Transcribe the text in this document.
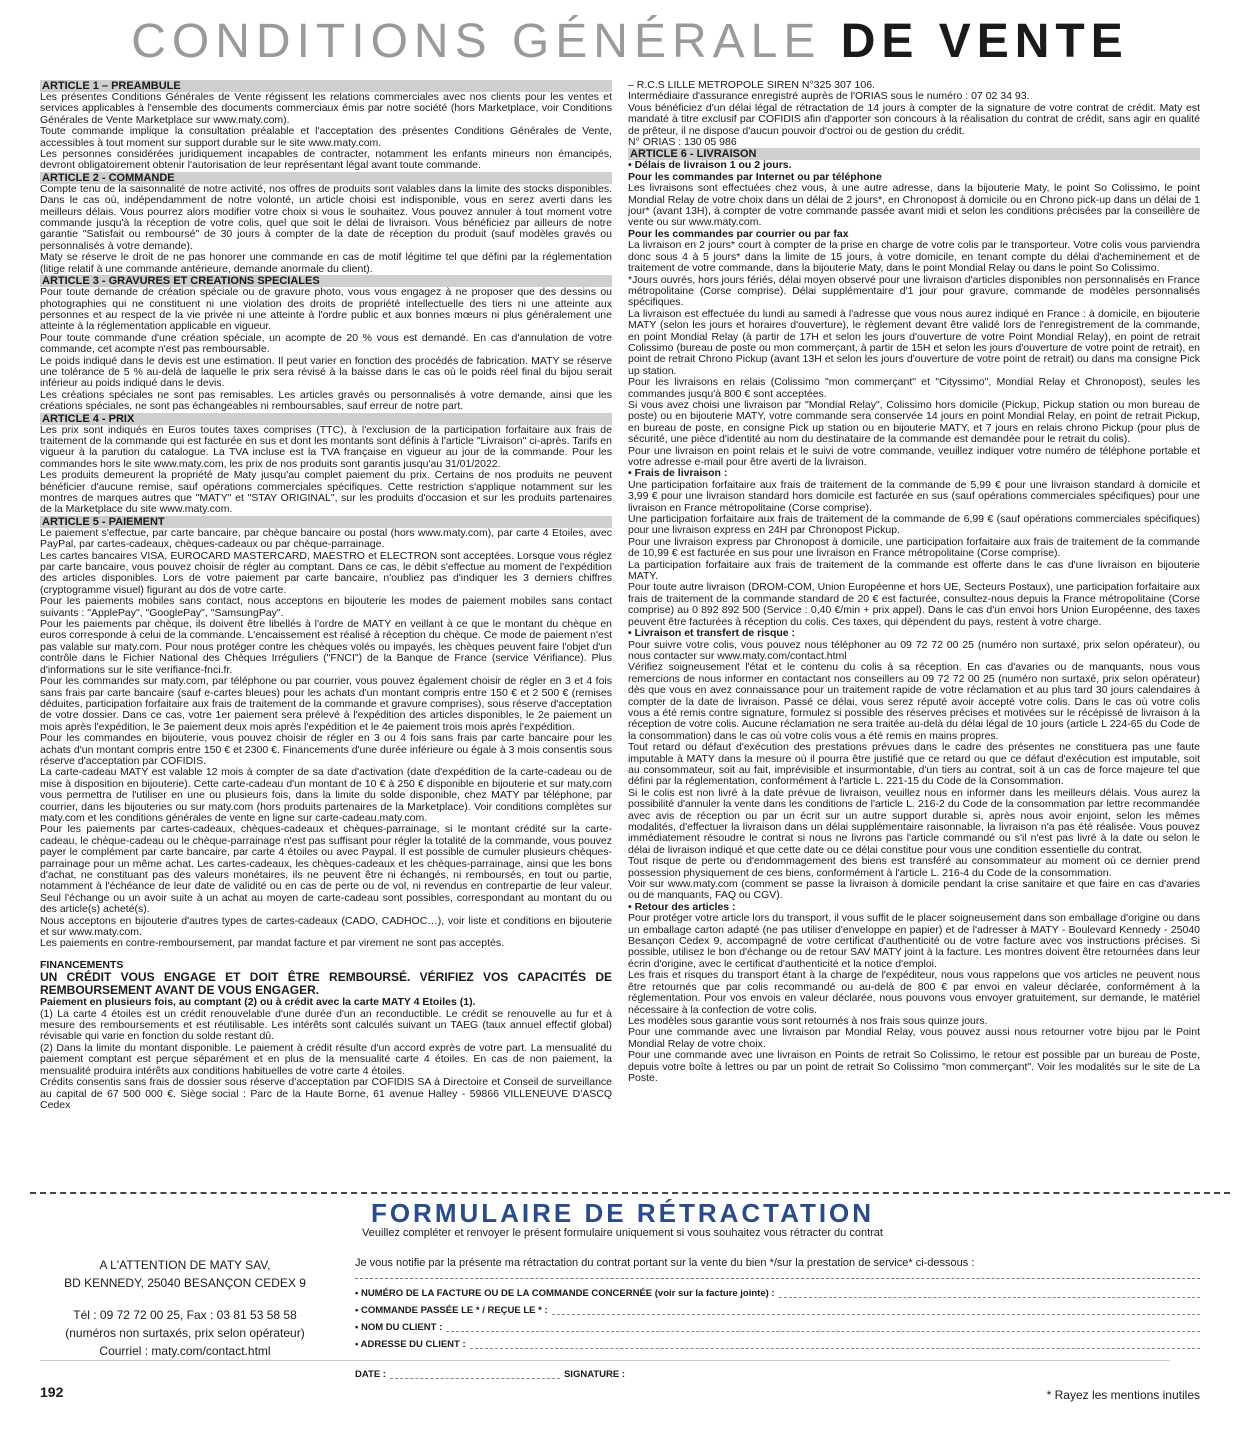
CONDITIONS GÉNÉRALE DE VENTE
ARTICLE 1 – PREAMBULE

Les présentes Conditions Générales de Vente régissent les relations commerciales avec nos clients pour les ventes et services applicables à l'ensemble des documents commerciaux émis par notre société (hors Marketplace, voir Conditions Générales de Vente Marketplace sur www.maty.com).

Toute commande implique la consultation préalable et l'acceptation des présentes Conditions Générales de Vente, accessibles à tout moment sur support durable sur le site www.maty.com.

Les personnes considérées juridiquement incapables de contracter, notamment les enfants mineurs non émancipés, devront obligatoirement obtenir l'autorisation de leur représentant légal avant toute commande.

ARTICLE 2 - COMMANDE

Compte tenu de la saisonnalité de notre activité, nos offres de produits sont valables dans la limite des stocks disponibles. Dans le cas où, indépendamment de notre volonté, un article choisi est indisponible, vous en serez averti dans les meilleurs délais. Vous pourrez alors modifier votre choix si vous le souhaitez. Vous pouvez annuler à tout moment votre commande jusqu'à la réception de votre colis, quel que soit le délai de livraison. Vous bénéficiez par ailleurs de notre garantie "Satisfait ou remboursé" de 30 jours à compter de la date de réception du produit (sauf modèles gravés ou personnalisés à votre demande).

Maty se réserve le droit de ne pas honorer une commande en cas de motif légitime tel que défini par la réglementation (litige relatif à une commande antérieure, demande anormale du client).

ARTICLE 3 - GRAVURES ET CREATIONS SPECIALES

Pour toute demande de création spéciale ou de gravure photo, vous vous engagez à ne proposer que des dessins ou photographies qui ne constituent ni une violation des droits de propriété intellectuelle des tiers ni une atteinte aux personnes et au respect de la vie privée ni une atteinte à l'ordre public et aux bonnes mœurs ni plus généralement une atteinte à la réglementation applicable en vigueur.

Pour toute commande d'une création spéciale, un acompte de 20 % vous est demandé. En cas d'annulation de votre commande, cet acompte n'est pas remboursable.

Le poids indiqué dans le devis est une estimation. Il peut varier en fonction des procédés de fabrication. MATY se réserve une tolérance de 5 % au-delà de laquelle le prix sera révisé à la baisse dans le cas où le poids réel final du bijou serait inférieur au poids indiqué dans le devis.

Les créations spéciales ne sont pas remisables. Les articles gravés ou personnalisés à votre demande, ainsi que les créations spéciales, ne sont pas échangeables ni remboursables, sauf erreur de notre part.

ARTICLE 4 - PRIX

Les prix sont indiqués en Euros toutes taxes comprises (TTC), à l'exclusion de la participation forfaitaire aux frais de traitement de la commande qui est facturée en sus et dont les montants sont définis à l'article "Livraison" ci-après. Tarifs en vigueur à la parution du catalogue. La TVA incluse est la TVA française en vigueur au jour de la commande. Pour les commandes hors le site www.maty.com, les prix de nos produits sont garantis jusqu'au 31/01/2022.

Les produits demeurent la propriété de Maty jusqu'au complet paiement du prix. Certains de nos produits ne peuvent bénéficier d'aucune remise, sauf opérations commerciales spécifiques. Cette restriction s'applique notamment sur les montres de marques autres que "MATY" et "STAY ORIGINAL", sur les produits d'occasion et sur les produits partenaires de la Marketplace du site www.maty.com.

ARTICLE 5 - PAIEMENT

Le paiement s'effectue, par carte bancaire, par chèque bancaire ou postal (hors www.maty.com), par carte 4 Etoiles, avec PayPal, par cartes-cadeaux, chèques-cadeaux ou par chèque-parrainage.

Les cartes bancaires VISA, EUROCARD MASTERCARD, MAESTRO et ELECTRON sont acceptées. Lorsque vous réglez par carte bancaire, vous pouvez choisir de régler au comptant. Dans ce cas, le débit s'effectue au moment de l'expédition des articles disponibles. Lors de votre paiement par carte bancaire, n'oubliez pas d'indiquer les 3 derniers chiffres (cryptogramme visuel) figurant au dos de votre carte.

Pour les paiements mobiles sans contact, nous acceptons en bijouterie les modes de paiement mobiles sans contact suivants : "ApplePay", "GooglePay", "SamsungPay".

Pour les paiements par chèque, ils doivent être libellés à l'ordre de MATY en veillant à ce que le montant du chèque en euros corresponde à celui de la commande. L'encaissement est réalisé à réception du chèque. Ce mode de paiement n'est pas valable sur maty.com. Pour nous protéger contre les chèques volés ou impayés, les chèques peuvent faire l'objet d'un contrôle dans le Fichier National des Chèques Irréguliers ("FNCI") de la Banque de France (service Vérifiance). Plus d'informations sur le site verifiance-fnci.fr.

Pour les commandes sur maty.com, par téléphone ou par courrier, vous pouvez également choisir de régler en 3 et 4 fois sans frais par carte bancaire (sauf e-cartes bleues) pour les achats d'un montant compris entre 150 € et 2 500 € (remises déduites, participation forfaitaire aux frais de traitement de la commande et gravure comprises), sous réserve d'acceptation de votre dossier. Dans ce cas, votre 1er paiement sera prélevé à l'expédition des articles disponibles, le 2e paiement un mois après l'expédition, le 3e paiement deux mois après l'expédition et le 4e paiement trois mois après l'expédition.

Pour les commandes en bijouterie, vous pouvez choisir de régler en 3 ou 4 fois sans frais par carte bancaire pour les achats d'un montant compris entre 150 € et 2300 €. Financements d'une durée inférieure ou égale à 3 mois consentis sous réserve d'acceptation par COFIDIS.

La carte-cadeau MATY est valable 12 mois à compter de sa date d'activation (date d'expédition de la carte-cadeau ou de mise à disposition en bijouterie). Cette carte-cadeau d'un montant de 10 € à 250 € disponible en bijouterie et sur maty.com vous permettra de l'utiliser en une ou plusieurs fois, dans la limite du solde disponible, chez MATY par téléphone, par courrier, dans les bijouteries ou sur maty.com (hors produits partenaires de la Marketplace). Voir conditions complètes sur maty.com et les conditions générales de vente en ligne sur carte-cadeau.maty.com.

Pour les paiements par cartes-cadeaux, chèques-cadeaux et chèques-parrainage, si le montant crédité sur la carte-cadeau, le chèque-cadeau ou le chèque-parrainage n'est pas suffisant pour régler la totalité de la commande, vous pouvez payer le complément par carte bancaire, par carte 4 étoiles ou avec Paypal. Il est possible de cumuler plusieurs chèques-parrainage pour un même achat. Les cartes-cadeaux, les chèques-cadeaux et les chèques-parrainage, ainsi que les bons d'achat, ne constituant pas des valeurs monétaires, ils ne peuvent être ni échangés, ni remboursés, en tout ou partie, notamment à l'échéance de leur date de validité ou en cas de perte ou de vol, ni revendus en contrepartie de leur valeur. Seul l'échange ou un avoir suite à un achat au moyen de carte-cadeau sont possibles, correspondant au montant du ou des article(s) acheté(s).

Nous acceptons en bijouterie d'autres types de cartes-cadeaux (CADO, CADHOC…), voir liste et conditions en bijouterie et sur www.maty.com.

Les paiements en contre-remboursement, par mandat facture et par virement ne sont pas acceptés.

FINANCEMENTS
UN CRÉDIT VOUS ENGAGE ET DOIT ÊTRE REMBOURSÉ. VÉRIFIEZ VOS CAPACITÉS DE REMBOURSEMENT AVANT DE VOUS ENGAGER.

Paiement en plusieurs fois, au comptant (2) ou à crédit avec la carte MATY 4 Etoiles (1).

(1) La carte 4 étoiles est un crédit renouvelable d'une durée d'un an reconductible. Le crédit se renouvelle au fur et à mesure des remboursements et est réutilisable. Les intérêts sont calculés suivant un TAEG (taux annuel effectif global) révisable qui varie en fonction du solde restant dû.

(2) Dans la limite du montant disponible. Le paiement à crédit résulte d'un accord exprès de votre part. La mensualité du paiement comptant est perçue séparément et en plus de la mensualité carte 4 étoiles. En cas de non paiement, la mensualité produira intérêts aux conditions habituelles de votre carte 4 étoiles.

Crédits consentis sans frais de dossier sous réserve d'acceptation par COFIDIS SA à Directoire et Conseil de surveillance au capital de 67 500 000 €. Siège social : Parc de la Haute Borne, 61 avenue Halley - 59866 VILLENEUVE D'ASCQ Cedex

– R.C.S LILLE METROPOLE SIREN N°325 307 106.

Intermédiaire d'assurance enregistré auprès de l'ORIAS sous le numéro : 07 02 34 93.

Vous bénéficiez d'un délai légal de rétractation de 14 jours à compter de la signature de votre contrat de crédit. Maty est mandaté à titre exclusif par COFIDIS afin d'apporter son concours à la réalisation du contrat de crédit, sans agir en qualité de prêteur, il ne dispose d'aucun pouvoir d'octroi ou de gestion du crédit.

N° ORIAS : 130 05 986

ARTICLE 6 - LIVRAISON

• Délais de livraison 1 ou 2 jours.

Pour les commandes par Internet ou par téléphone

Les livraisons sont effectuées chez vous, à une autre adresse, dans la bijouterie Maty, le point So Colissimo, le point Mondial Relay de votre choix dans un délai de 2 jours*, en Chronopost à domicile ou en Chrono pick-up dans un délai de 1 jour* (avant 13H), à compter de votre commande passée avant midi et selon les conditions précisées par la conseillère de vente ou sur www.maty.com.

Pour les commandes par courrier ou par fax

La livraison en 2 jours* court à compter de la prise en charge de votre colis par le transporteur. Votre colis vous parviendra donc sous 4 à 5 jours* dans la limite de 15 jours, à votre domicile, en tenant compte du délai d'acheminement et de traitement de votre commande, dans la bijouterie Maty, dans le point Mondial Relay ou dans le point So Colissimo.

*Jours ouvrés, hors jours fériés, délai moyen observé pour une livraison d'articles disponibles non personnalisés en France métropolitaine (Corse comprise). Délai supplémentaire d'1 jour pour gravure, commande de modèles personnalisés spécifiques.

La livraison est effectuée du lundi au samedi à l'adresse que vous nous aurez indiqué en France : à domicile, en bijouterie MATY (selon les jours et horaires d'ouverture), le règlement devant être validé lors de l'enregistrement de la commande, en point Mondial Relay (à partir de 17H et selon les jours d'ouverture de votre Point Mondial Relay), en point de retrait Colissimo (bureau de poste ou mon commerçant, à partir de 15H et selon les jours d'ouverture de votre point de retrait), en point de retrait Chrono Pickup (avant 13H et selon les jours d'ouverture de votre point de retrait) ou dans ma consigne Pick up station.

Pour les livraisons en relais (Colissimo "mon commerçant" et "Cityssimo", Mondial Relay et Chronopost), seules les commandes jusqu'à 800 € sont acceptées.

Si vous avez choisi une livraison par "Mondial Relay", Colissimo hors domicile (Pickup, Pickup station ou mon bureau de poste) ou en bijouterie MATY, votre commande sera conservée 14 jours en point Mondial Relay, en point de retrait Pickup, en bureau de poste, en consigne Pick up station ou en bijouterie MATY, et 7 jours en relais chrono Pickup (pour plus de sécurité, une pièce d'identité au nom du destinataire de la commande est demandée pour le retrait du colis).

Pour une livraison en point relais et le suivi de votre commande, veuillez indiquer votre numéro de téléphone portable et votre adresse e-mail pour être averti de la livraison.

• Frais de livraison :

Une participation forfaitaire aux frais de traitement de la commande de 5,99 € pour une livraison standard à domicile et 3,99 € pour une livraison standard hors domicile est facturée en sus (sauf opérations commerciales spécifiques) pour une livraison en France métropolitaine (Corse comprise).

Une participation forfaitaire aux frais de traitement de la commande de 6,99 € (sauf opérations commerciales spécifiques) pour une livraison express en 24H par Chronopost Pickup.

Pour une livraison express par Chronopost à domicile, une participation forfaitaire aux frais de traitement de la commande de 10,99 € est facturée en sus pour une livraison en France métropolitaine (Corse comprise).

La participation forfaitaire aux frais de traitement de la commande est offerte dans le cas d'une livraison en bijouterie MATY.

Pour toute autre livraison (DROM-COM, Union Européenne et hors UE, Secteurs Postaux), une participation forfaitaire aux frais de traitement de la commande standard de 20 € est facturée, consultez-nous depuis la France métropolitaine (Corse comprise) au 0 892 892 500 (Service : 0,40 €/min + prix appel). Dans le cas d'un envoi hors Union Européenne, des taxes peuvent être facturées à réception du colis. Ces taxes, qui dépendent du pays, restent à votre charge.

• Livraison et transfert de risque :

Pour suivre votre colis, vous pouvez nous téléphoner au 09 72 72 00 25 (numéro non surtaxé, prix selon opérateur), ou nous contacter sur www.maty.com/contact.html

Vérifiez soigneusement l'état et le contenu du colis à sa réception. En cas d'avaries ou de manquants, nous vous remercions de nous informer en contactant nos conseillers au 09 72 72 00 25 (numéro non surtaxé, prix selon opérateur) dès que vous en avez connaissance pour un traitement rapide de votre réclamation et au plus tard 30 jours calendaires à compter de la date de livraison. Passé ce délai, vous serez réputé avoir accepté votre colis. Dans le cas où votre colis vous a été remis contre signature, formulez si possible des réserves précises et motivées sur le récépissé de livraison à la réception de votre colis. Aucune réclamation ne sera traitée au-delà du délai légal de 10 jours (article L 224-65 du Code de la consommation) dans le cas où votre colis vous a été remis en mains propres.

Tout retard ou défaut d'exécution des prestations prévues dans le cadre des présentes ne constituera pas une faute imputable à MATY dans la mesure où il pourra être justifié que ce retard ou que ce défaut d'exécution est imputable, soit au consommateur, soit au fait, imprévisible et insurmontable, d'un tiers au contrat, soit à un cas de force majeure tel que défini par la réglementation, conformément à l'article L. 221-15 du Code de la Consommation.

Si le colis est non livré à la date prévue de livraison, veuillez nous en informer dans les meilleurs délais. Vous aurez la possibilité d'annuler la vente dans les conditions de l'article L. 216-2 du Code de la consommation par lettre recommandée avec avis de réception ou par un écrit sur un autre support durable si, après nous avoir enjoint, selon les mêmes modalités, d'effectuer la livraison dans un délai supplémentaire raisonnable, la livraison n'a pas été réalisée. Vous pouvez immédiatement résoudre le contrat si nous ne livrons pas l'article commandé ou s'il n'est pas livré à la date ou selon le délai de livraison indiqué et que cette date ou ce délai constitue pour vous une condition essentielle du contrat.

Tout risque de perte ou d'endommagement des biens est transféré au consommateur au moment où ce dernier prend possession physiquement de ces biens, conformément à l'article L. 216-4 du Code de la consommation.

Voir sur www.maty.com (comment se passe la livraison à domicile pendant la crise sanitaire et que faire en cas d'avaries ou de manquants, FAQ ou CGV).

• Retour des articles :

Pour protéger votre article lors du transport, il vous suffit de le placer soigneusement dans son emballage d'origine ou dans un emballage carton adapté (ne pas utiliser d'enveloppe en papier) et de l'adresser à MATY - Boulevard Kennedy - 25040 Besançon Cedex 9, accompagné de votre certificat d'authenticité ou de votre facture avec vos instructions précises. Si possible, utilisez le bon d'échange ou de retour SAV MATY joint à la facture. Les montres doivent être retournées dans leur écrin d'origine, avec le certificat d'authenticité et la notice d'emploi.

Les frais et risques du transport étant à la charge de l'expéditeur, nous vous rappelons que vos articles ne peuvent nous être retournés que par colis recommandé ou au-delà de 800 € par envoi en valeur déclarée, conformément à la réglementation. Pour vos envois en valeur déclarée, nous pouvons vous envoyer gratuitement, sur demande, le matériel nécessaire à la confection de votre colis.

Les modèles sous garantie vous sont retournés à nos frais sous quinze jours.

Pour une commande avec une livraison par Mondial Relay, vous pouvez aussi nous retourner votre bijou par le Point Mondial Relay de votre choix.

Pour une commande avec une livraison en Points de retrait So Colissimo, le retour est possible par un bureau de Poste, depuis votre boîte à lettres ou par un point de retrait So Colissimo "mon commerçant". Voir les modalités sur le site de La Poste.

FORMULAIRE DE RÉTRACTATION
Veuillez compléter et renvoyer le présent formulaire uniquement si vous souhaitez vous rétracter du contrat
A L'ATTENTION DE MATY SAV,
BD KENNEDY, 25040 BESANÇON CEDEX 9
Tél : 09 72 72 00 25, Fax : 03 81 53 58 58
(numéros non surtaxés, prix selon opérateur)
Courriel : maty.com/contact.html
Je vous notifie par la présente ma rétractation du contrat portant sur la vente du bien */sur la prestation de service* ci-dessous :
• NUMÉRO DE LA FACTURE OU DE LA COMMANDE CONCERNÉE (voir sur la facture jointe) :
• COMMANDE PASSÉE LE * / REÇUE LE * :
• NOM DU CLIENT :
• ADRESSE DU CLIENT :
DATE :	SIGNATURE :
192	* Rayez les mentions inutiles
